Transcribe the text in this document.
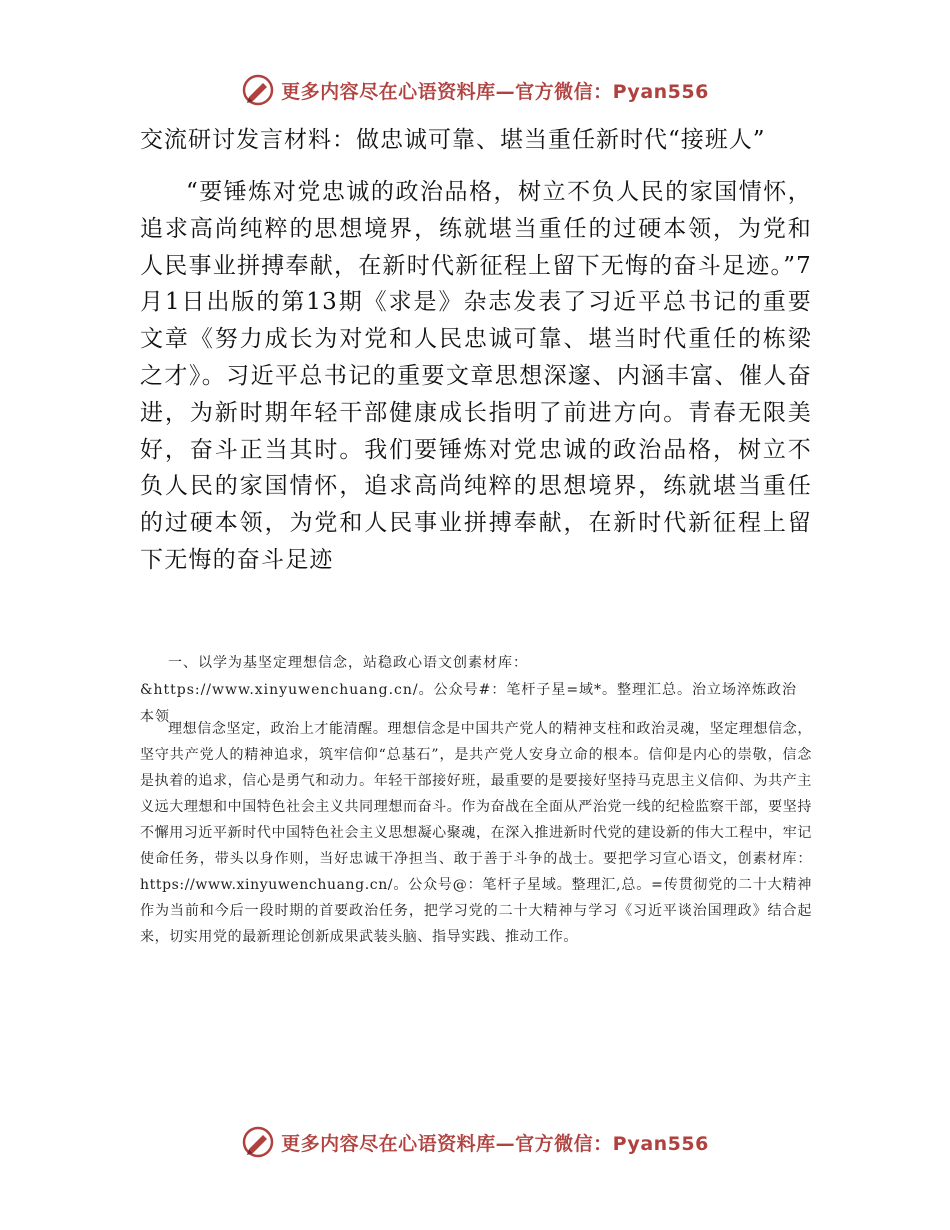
更多内容尽在心语资料库—官方微信：Pyan556
交流研讨发言材料：做忠诚可靠、堪当重任新时代“接班人”

“要锤炼对党忠诚的政治品格，树立不负人民的家国情怀，追求高尚纯粹的思想境界，练就堪当重任的过硬本领，为党和人民事业拼搏奉献，在新时代新征程上留下无悔的奋斗足迹。”7月1日出版的第13期《求是》杂志发表了习近平总书记的重要文章《努力成长为对党和人民忠诚可靠、堪当时代重任的栋梁之才》。习近平总书记的重要文章思想深邃、内涵丰富、催人奋进，为新时期年轻干部健康成长指明了前进方向。青春无限美好，奋斗正当其时。我们要锤炼对党忠诚的政治品格，树立不负人民的家国情怀，追求高尚纯粹的思想境界，练就堪当重任的过硬本领，为党和人民事业拼搏奉献，在新时代新征程上留下无悔的奋斗足迹

一、以学为基坚定理想信念，站稳政心语文创素材库：&https://www.xinyuwenchuang.cn/。公众号#：笔杆子星=域*。整理汇总。治立场淬炼政治本领

理想信念坚定，政治上才能清醒。理想信念是中国共产党人的精神支柱和政治灵魂，坚定理想信念，坚守共产党人的精神追求，筑牢信仰“总基石”，是共产党人安身立命的根本。信仰是内心的崇敬，信念是执着的追求，信心是勇气和动力。年轻干部接好班，最重要的是要接好坚持马克思主义信仰、为共产主义远大理想和中国特色社会主义共同理想而奋斗。作为奋战在全面从严治党一线的纪检监察干部，要坚持不懈用习近平新时代中国特色社会主义思想凝心聚魂，在深入推进新时代党的建设新的伟大工程中，牢记使命任务，带头以身作则，当好忠诚干净担当、敢于善于斗争的战士。要把学习宣心语文，创素材库：https://www.xinyuwenchuang.cn/。公众号@：笔杆子星域。整理汇,总。=传贯彻党的二十大精神作为当前和今后一段时期的首要政治任务，把学习党的二十大精神与学习《习近平谈治国理政》结合起来，切实用党的最新理论创新成果武装头脑、指导实践、推动工作。

更多内容尽在心语资料库—官方微信：Pyan556
